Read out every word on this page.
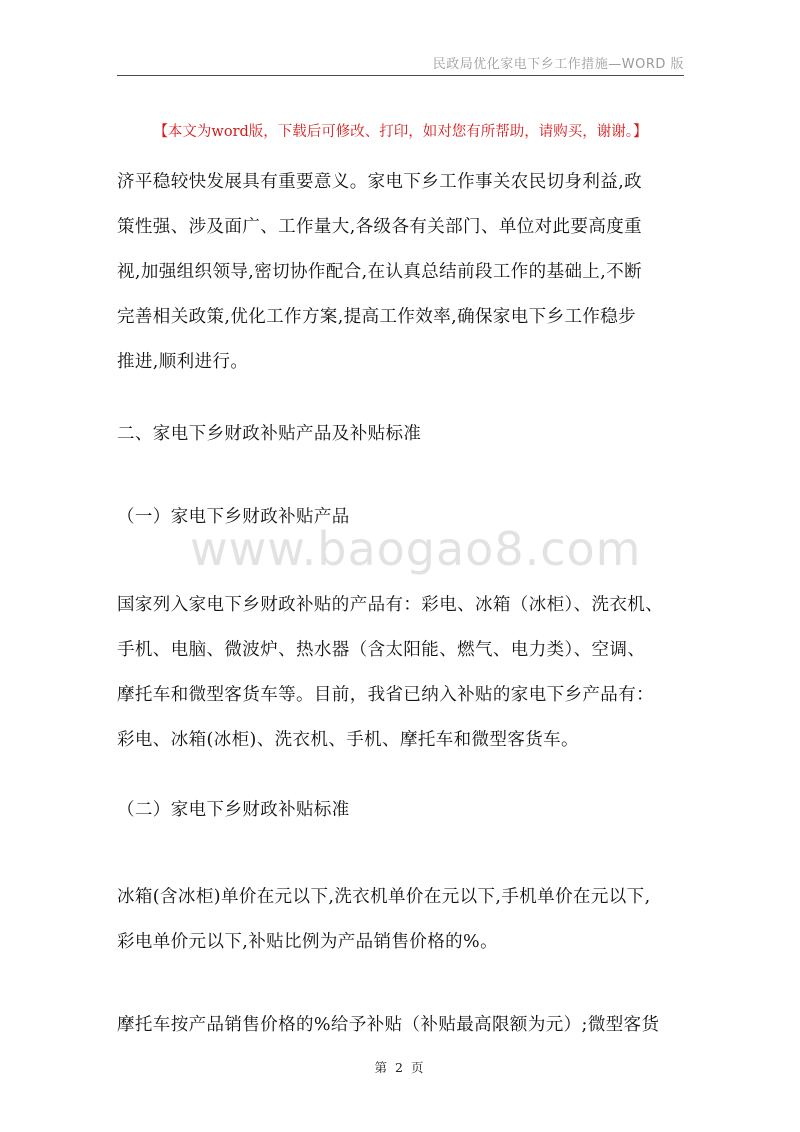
民政局优化家电下乡工作措施—WORD 版
【本文为word版，下载后可修改、打印，如对您有所帮助，请购买，谢谢。】
济平稳较快发展具有重要意义。家电下乡工作事关农民切身利益,政
策性强、涉及面广、工作量大,各级各有关部门、单位对此要高度重
视,加强组织领导,密切协作配合,在认真总结前段工作的基础上,不断
完善相关政策,优化工作方案,提高工作效率,确保家电下乡工作稳步
推进,顺利进行。
二、家电下乡财政补贴产品及补贴标准
（一）家电下乡财政补贴产品
www.baogao8.com
国家列入家电下乡财政补贴的产品有：彩电、冰箱（冰柜）、洗衣机、
手机、电脑、微波炉、热水器（含太阳能、燃气、电力类）、空调、
摩托车和微型客货车等。目前，我省已纳入补贴的家电下乡产品有：
彩电、冰箱(冰柜)、洗衣机、手机、摩托车和微型客货车。
（二）家电下乡财政补贴标准
冰箱(含冰柜)单价在元以下,洗衣机单价在元以下,手机单价在元以下,
彩电单价元以下,补贴比例为产品销售价格的%。
摩托车按产品销售价格的%给予补贴（补贴最高限额为元）;微型客货
第 2 页
